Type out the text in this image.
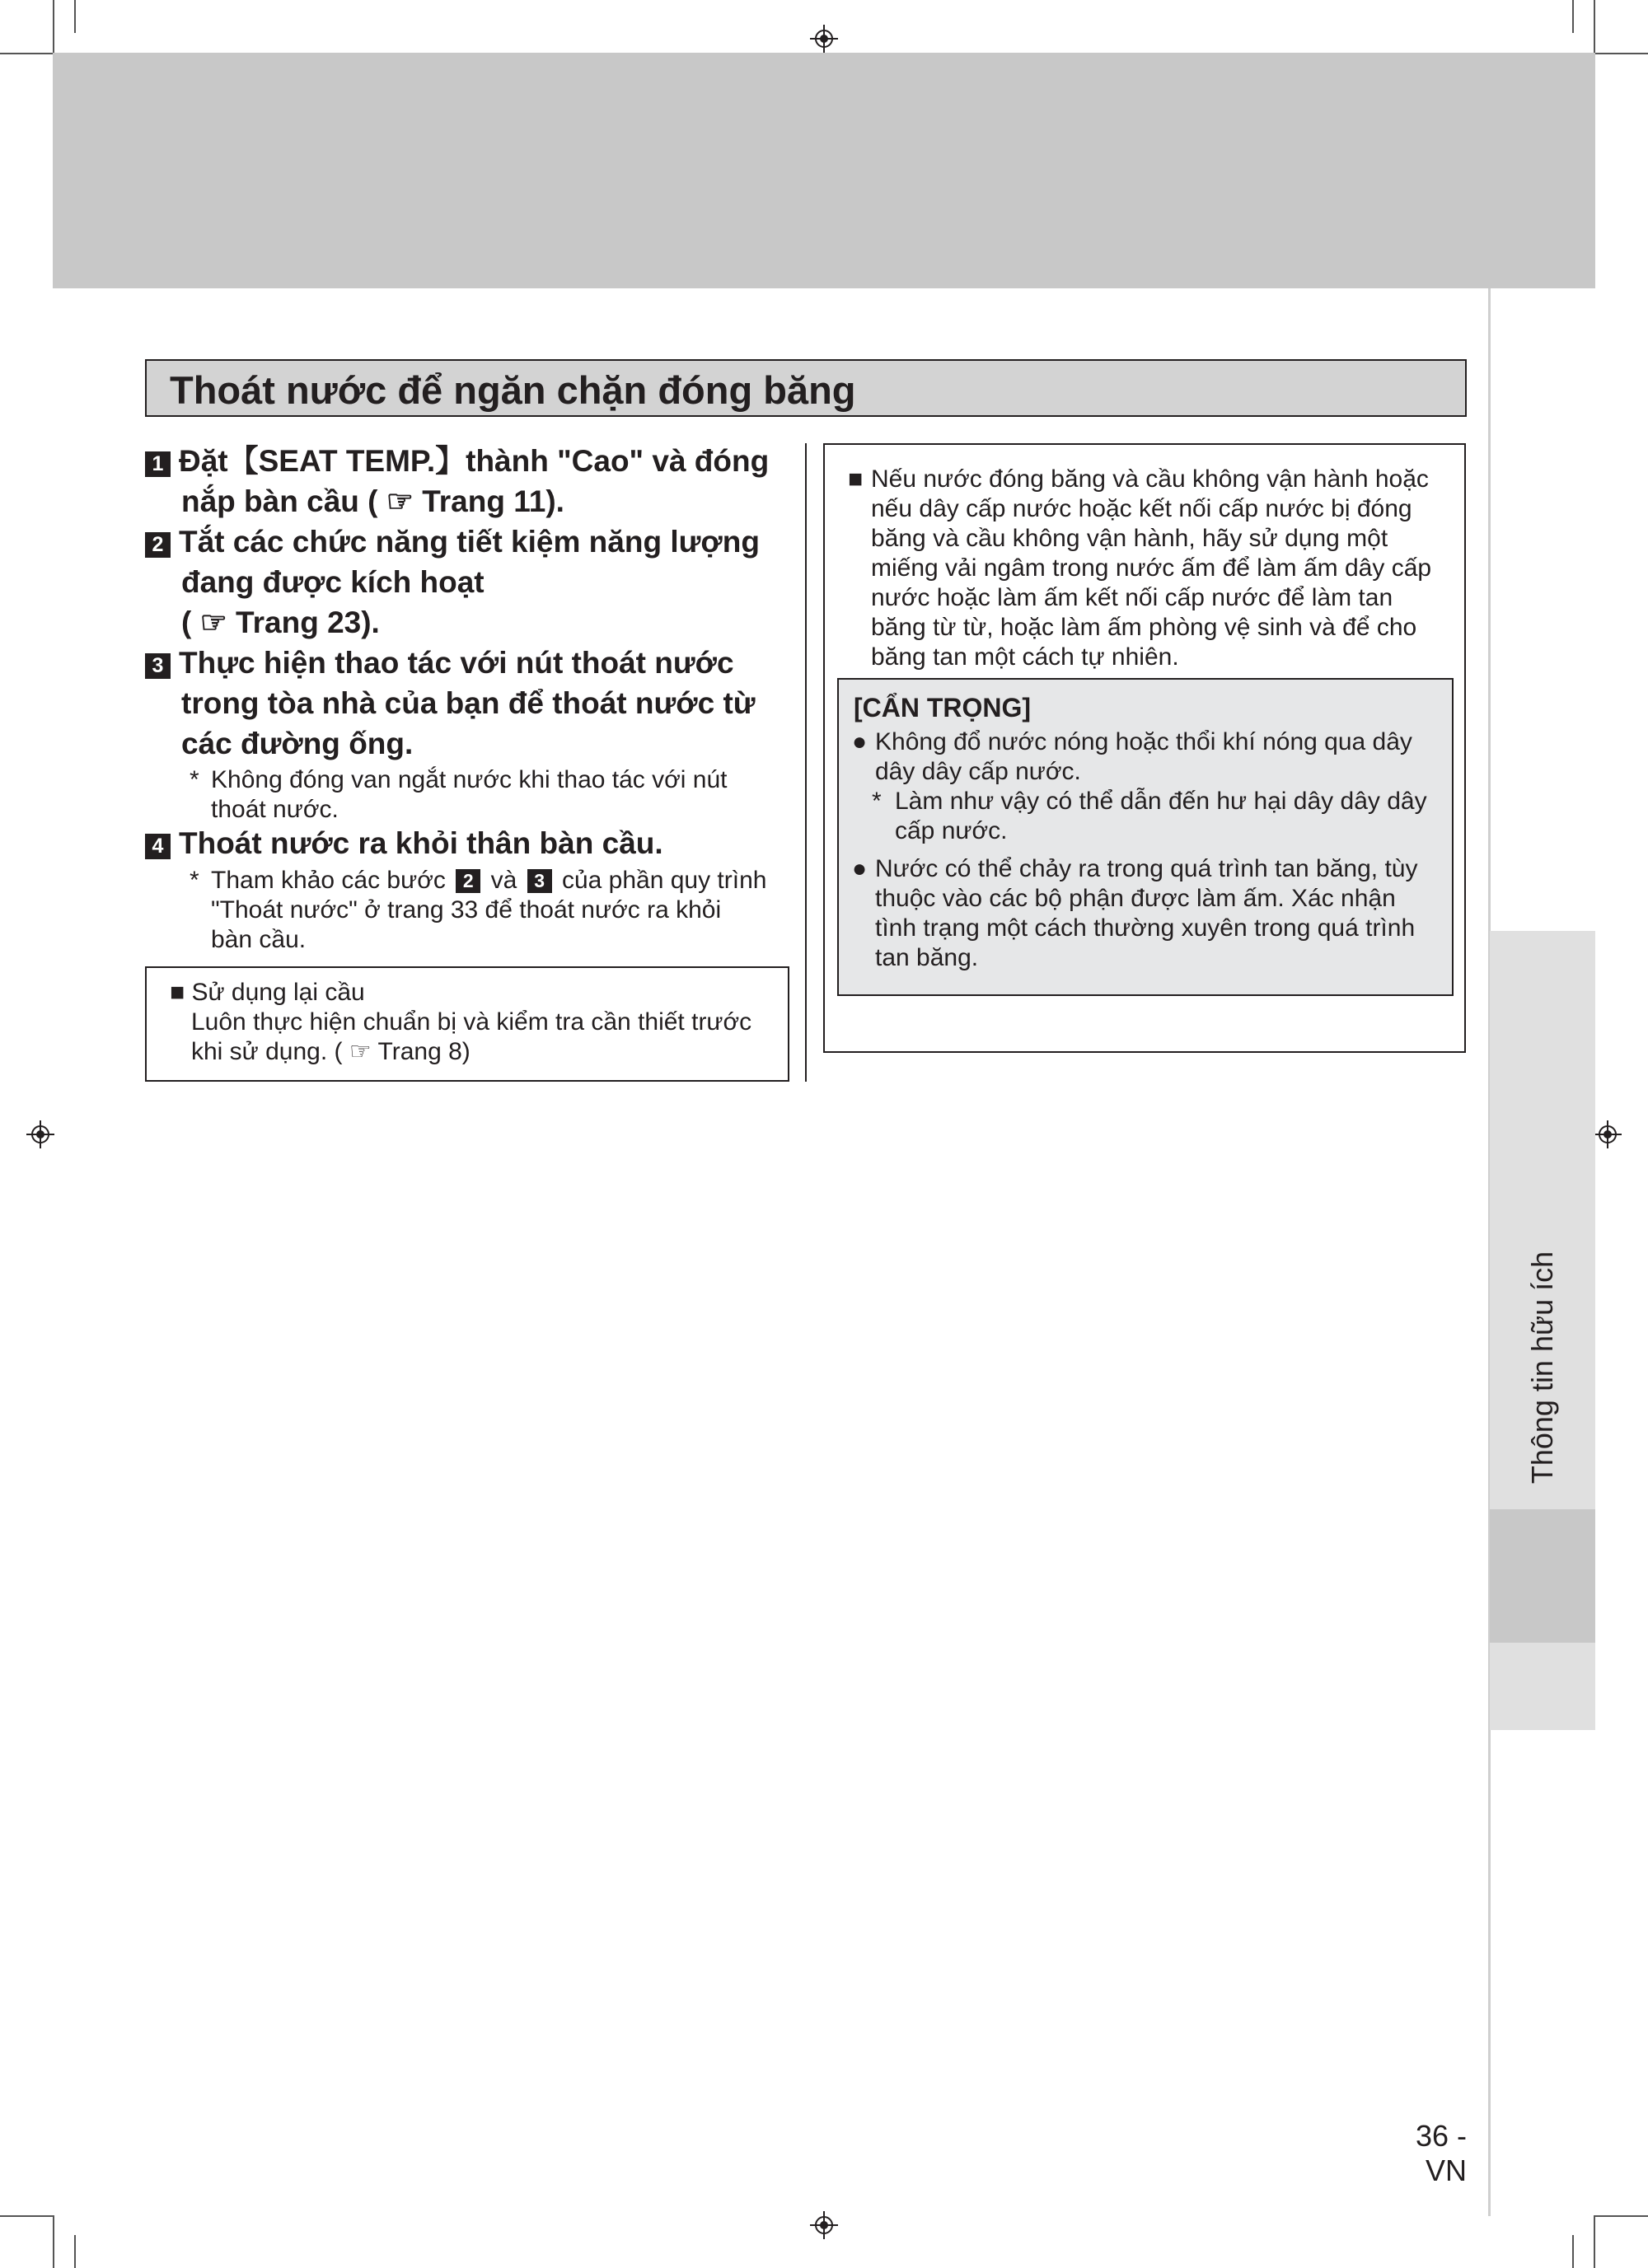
Thông tin hữu ích
Thoát nước để ngăn chặn đóng băng
1 Đặt【SEAT TEMP.】thành "Cao" và đóng
nắp bàn cầu ( ☞ Trang 11).
2 Tắt các chức năng tiết kiệm năng lượng
đang được kích hoạt
( ☞ Trang 23).
3 Thực hiện thao tác với nút thoát nước
trong tòa nhà của bạn để thoát nước từ
các đường ống.
* Không đóng van ngắt nước khi thao tác với nút
thoát nước.
4 Thoát nước ra khỏi thân bàn cầu.
* Tham khảo các bước 2 và 3 của phần quy trình
"Thoát nước" ở trang 33 để thoát nước ra khỏi
bàn cầu.
■ Sử dụng lại cầu
Luôn thực hiện chuẩn bị và kiểm tra cần thiết trước
khi sử dụng. ( ☞ Trang 8)
■ Nếu nước đóng băng và cầu không vận hành hoặc
nếu dây cấp nước hoặc kết nối cấp nước bị đóng
băng và cầu không vận hành, hãy sử dụng một
miếng vải ngâm trong nước ấm để làm ấm dây cấp
nước hoặc làm ấm kết nối cấp nước để làm tan
băng từ từ, hoặc làm ấm phòng vệ sinh và để cho
băng tan một cách tự nhiên.
[CẨN TRỌNG]
● Không đổ nước nóng hoặc thổi khí nóng qua dây
dây dây cấp nước.
* Làm như vậy có thể dẫn đến hư hại dây dây dây
cấp nước.
● Nước có thể chảy ra trong quá trình tan băng, tùy
thuộc vào các bộ phận được làm ấm. Xác nhận
tình trạng một cách thường xuyên trong quá trình
tan băng.
36 - VN
